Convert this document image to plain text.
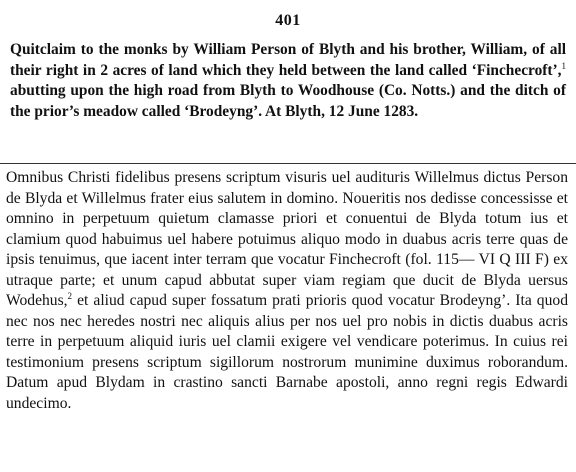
401

Quitclaim to the monks by William Person of Blyth and his brother, William, of all their right in 2 acres of land which they held between the land called ‘Finchecroft’,$^1$ abutting upon the high road from Blyth to Woodhouse (Co. Notts.) and the ditch of the prior’s meadow called ‘Brodeyng’. At Blyth, 12 June 1283.

Omnibus Christi fidelibus presens scriptum visuris uel audituris Willelmus dictus Person de Blyda et Willelmus frater eius salutem in domino. Noueritis nos dedisse concessisse et omnino in perpetuum quietum clamasse priori et conuentui de Blyda totum ius et clamium quod habuimus uel habere potuimus aliquo modo in duabus acris terre quas de ipsis tenuimus, que iacent inter terram que vocatur Finchecroft (fol. 115— VI Q III F) ex utraque parte; et unum capud abbutat super viam regiam que ducit de Blyda uersus Wodehus,$^2$ et aliud capud super fossatum prati prioris quod vocatur Brodeyng’. Ita quod nec nos nec heredes nostri nec aliquis alius per nos uel pro nobis in dictis duabus acris terre in perpetuum aliquid iuris uel clamii exigere vel vendicare poterimus. In cuius rei testimonium presens scriptum sigillorum nostrorum munimine duximus roborandum. Datum apud Blydam in crastino sancti Barnabe apostoli, anno regni regis Edwardi undecimo.
